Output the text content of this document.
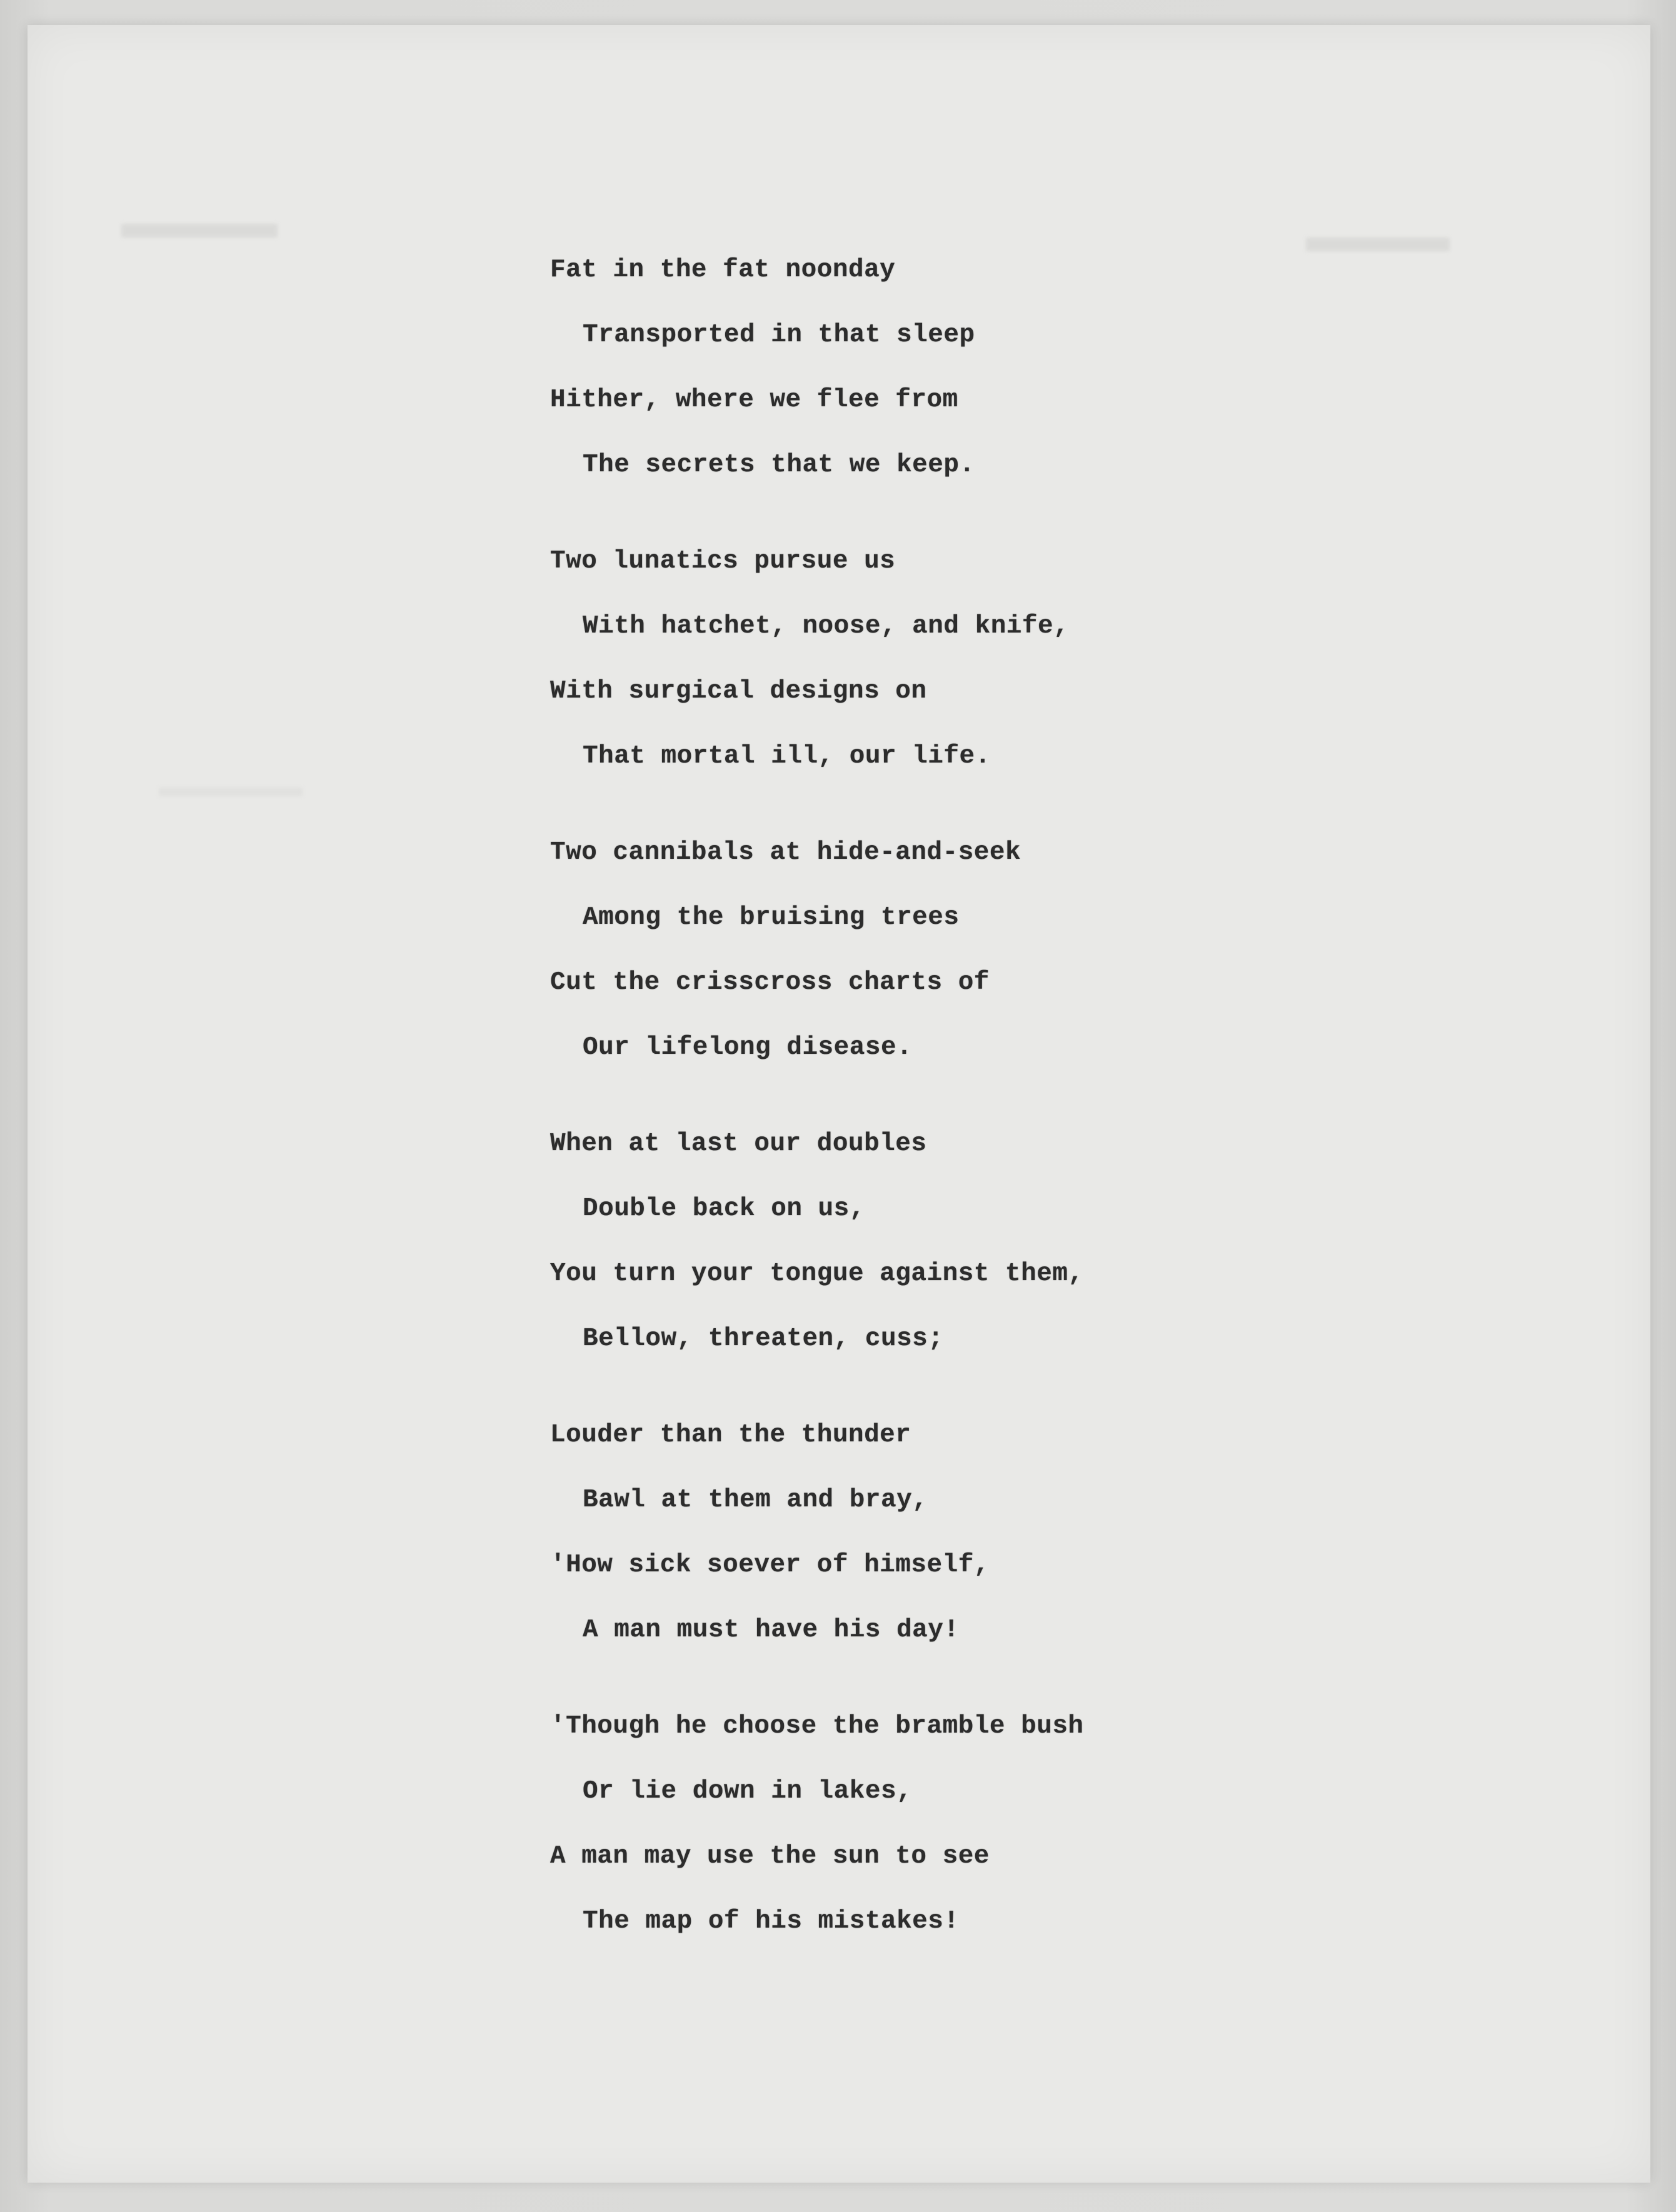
Fat in the fat noonday
Transported in that sleep
Hither, where we flee from
The secrets that we keep.
Two lunatics pursue us
With hatchet, noose, and knife,
With surgical designs on
That mortal ill, our life.
Two cannibals at hide-and-seek
Among the bruising trees
Cut the crisscross charts of
Our lifelong disease.
When at last our doubles
Double back on us,
You turn your tongue against them,
Bellow, threaten, cuss;
Louder than the thunder
Bawl at them and bray,
'How sick soever of himself,
A man must have his day!
'Though he choose the bramble bush
Or lie down in lakes,
A man may use the sun to see
The map of his mistakes!
